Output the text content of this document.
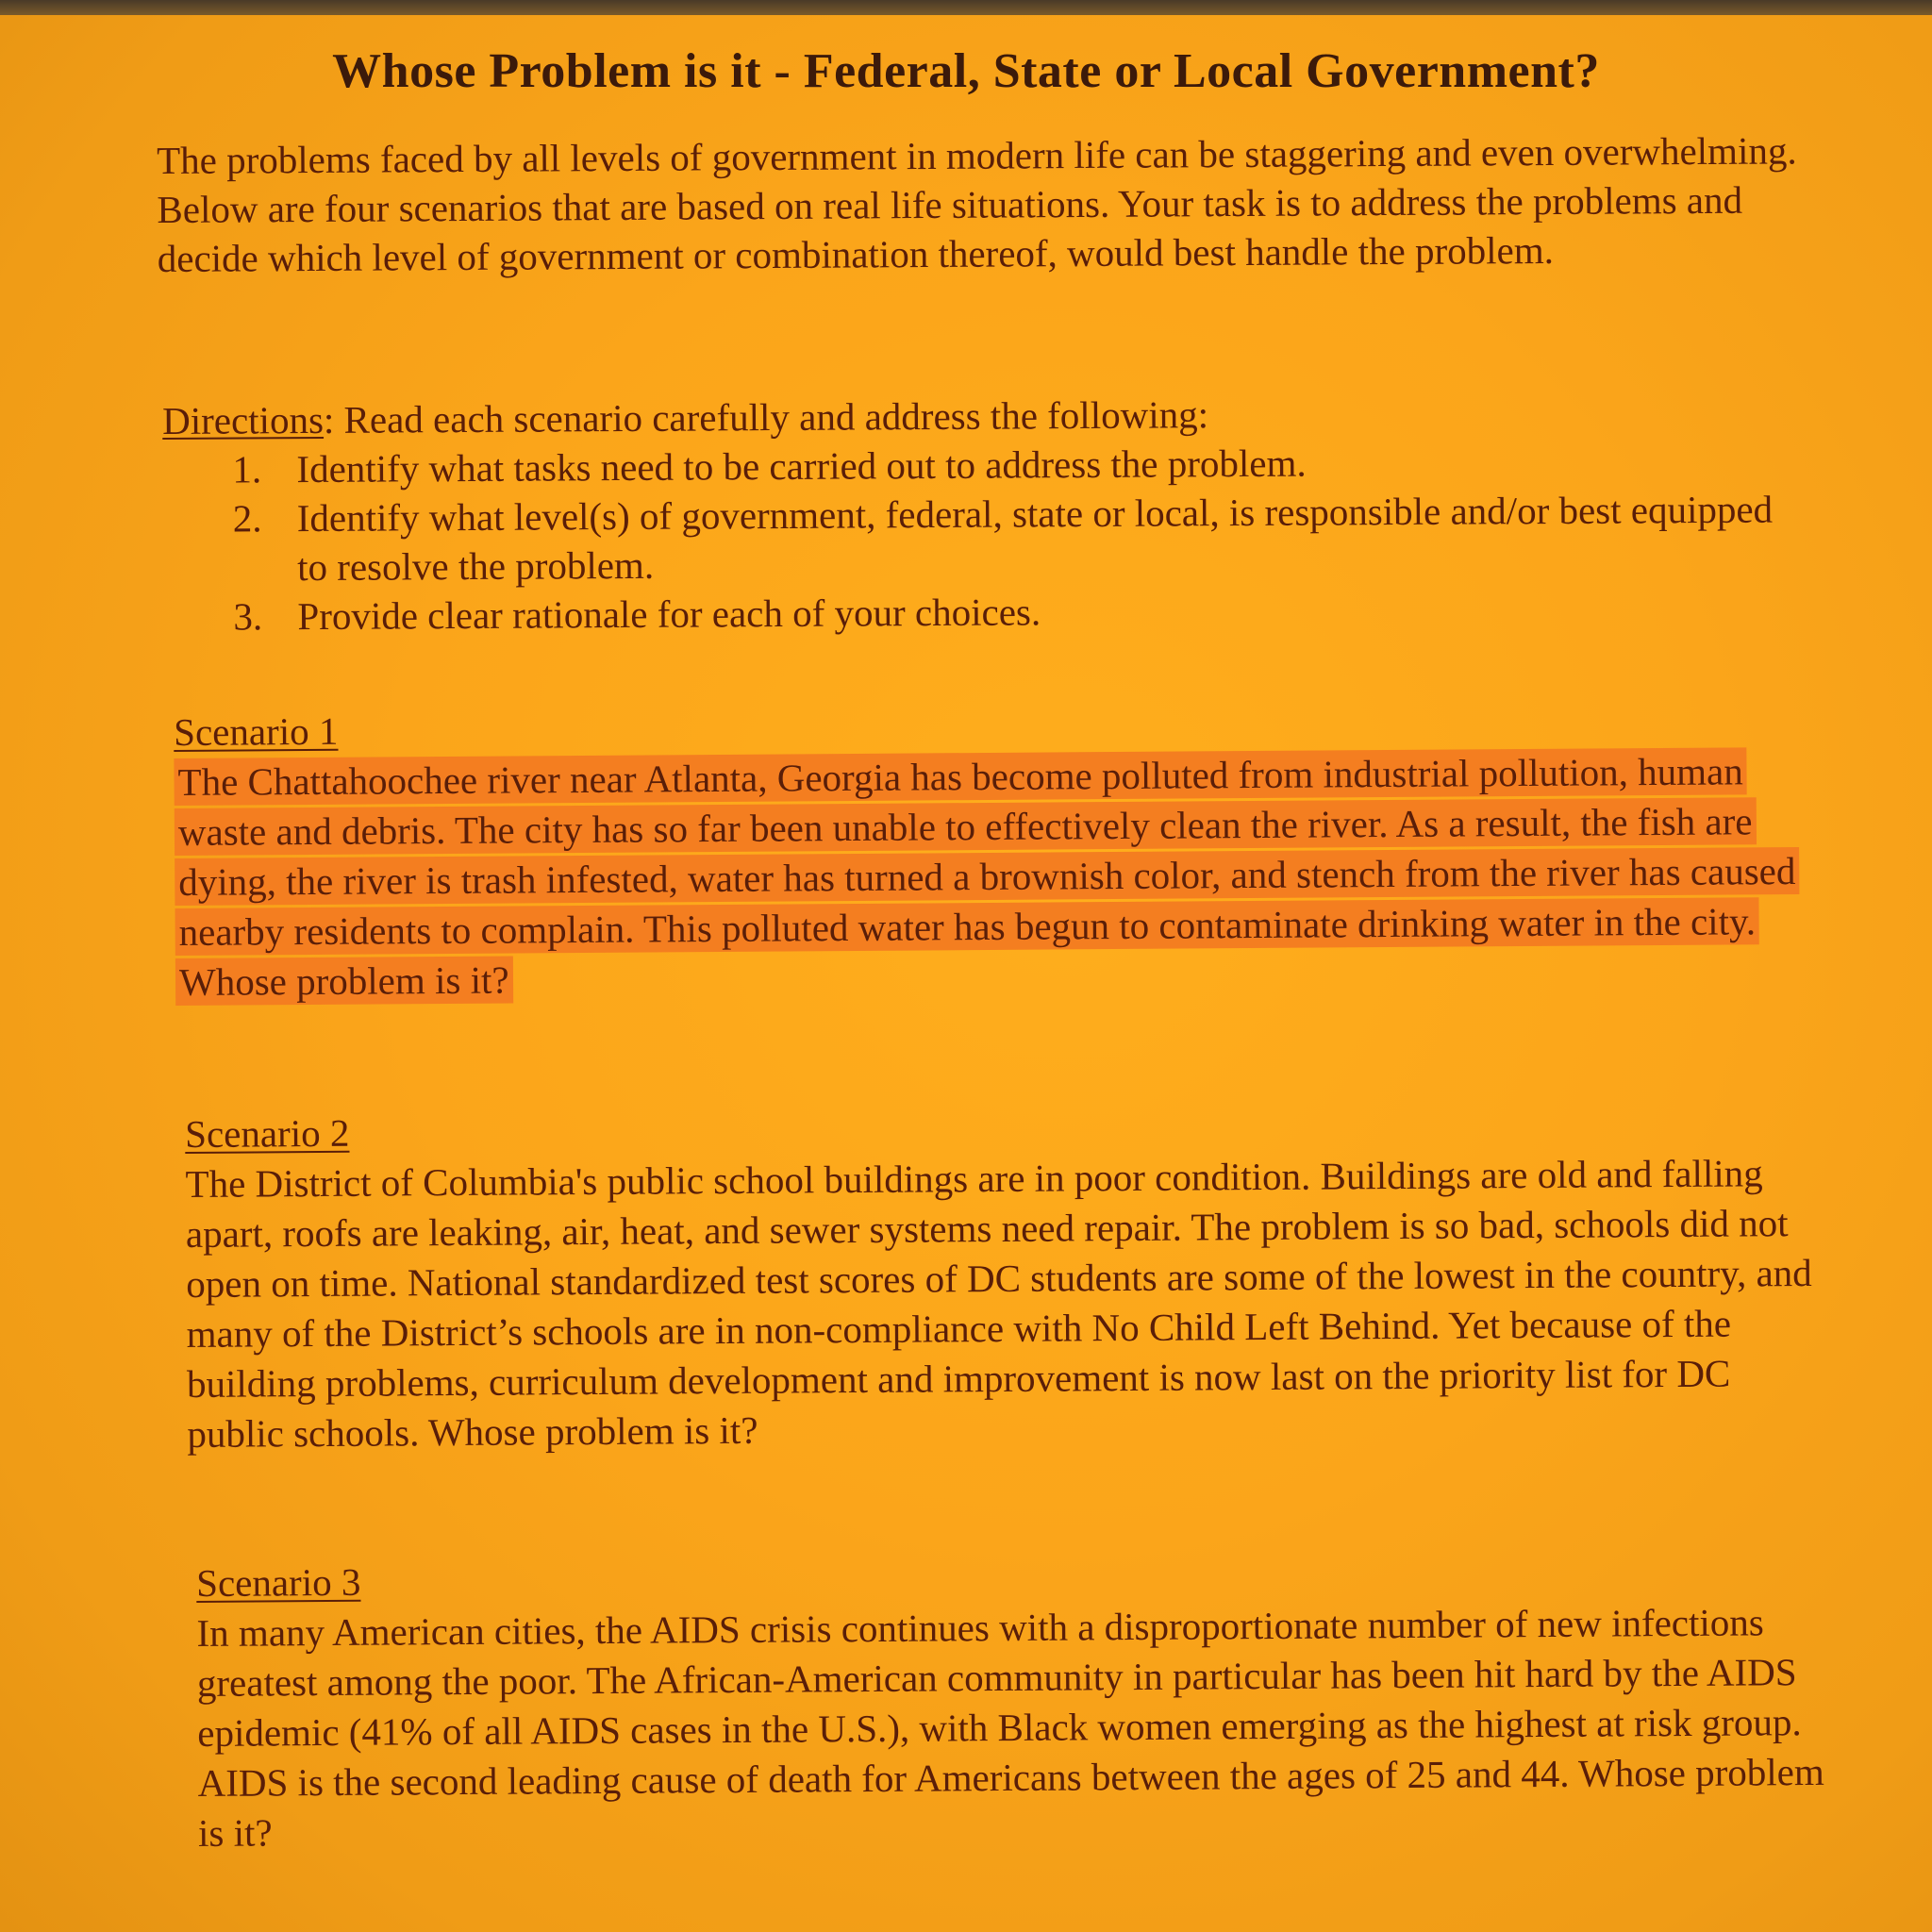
Whose Problem is it - Federal, State or Local Government?

The problems faced by all levels of government in modern life can be staggering and even overwhelming. Below are four scenarios that are based on real life situations. Your task is to address the problems and decide which level of government or combination thereof, would best handle the problem.

Directions: Read each scenario carefully and address the following:
1. Identify what tasks need to be carried out to address the problem.
2. Identify what level(s) of government, federal, state or local, is responsible and/or best equipped to resolve the problem.
3. Provide clear rationale for each of your choices.
Scenario 1

The Chattahoochee river near Atlanta, Georgia has become polluted from industrial pollution, human waste and debris. The city has so far been unable to effectively clean the river. As a result, the fish are dying, the river is trash infested, water has turned a brownish color, and stench from the river has caused nearby residents to complain. This polluted water has begun to contaminate drinking water in the city. Whose problem is it?

Scenario 2

The District of Columbia's public school buildings are in poor condition. Buildings are old and falling apart, roofs are leaking, air, heat, and sewer systems need repair. The problem is so bad, schools did not open on time. National standardized test scores of DC students are some of the lowest in the country, and many of the District’s schools are in non-compliance with No Child Left Behind. Yet because of the building problems, curriculum development and improvement is now last on the priority list for DC public schools. Whose problem is it?

Scenario 3

In many American cities, the AIDS crisis continues with a disproportionate number of new infections greatest among the poor. The African-American community in particular has been hit hard by the AIDS epidemic (41% of all AIDS cases in the U.S.), with Black women emerging as the highest at risk group. AIDS is the second leading cause of death for Americans between the ages of 25 and 44. Whose problem is it?
